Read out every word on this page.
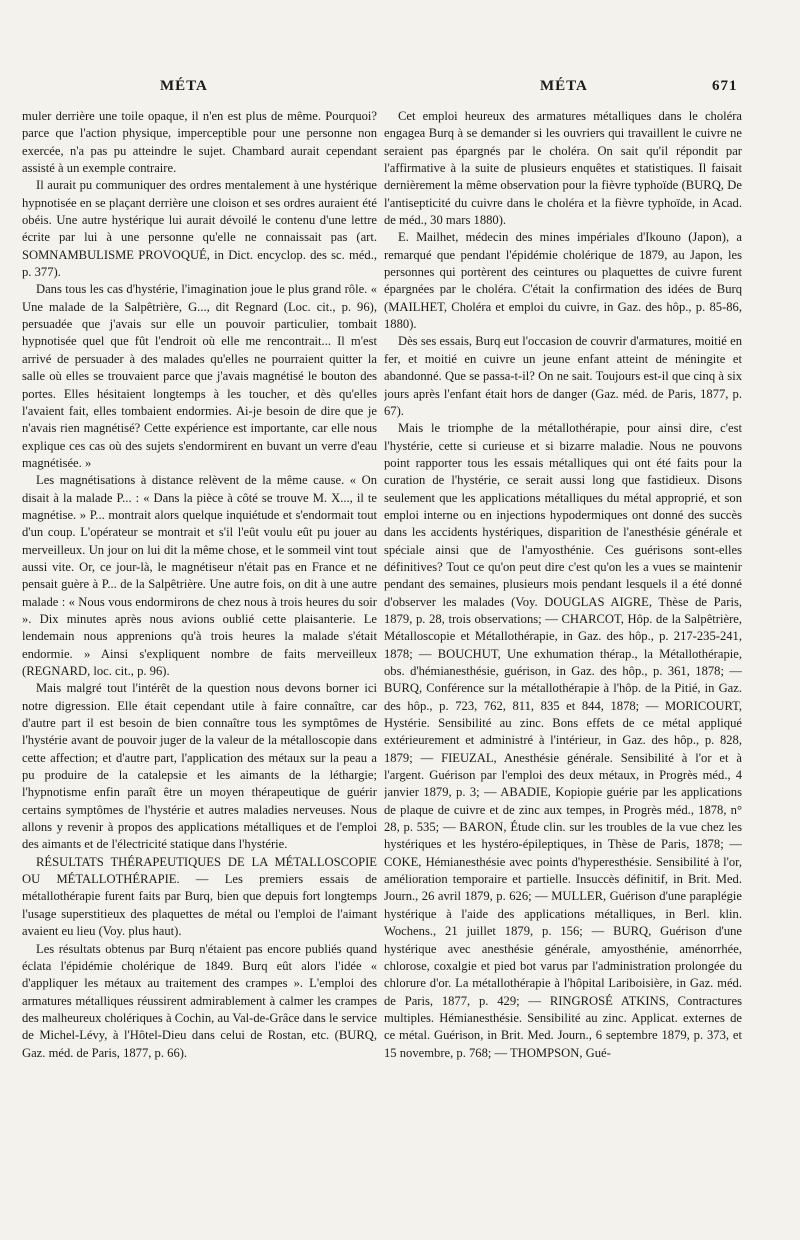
MÉTA	MÉTA	671

muler derrière une toile opaque, il n'en est plus de même. Pourquoi? parce que l'action physique, imperceptible pour une personne non exercée, n'a pas pu atteindre le sujet. Chambard aurait cependant assisté à un exemple contraire.

Il aurait pu communiquer des ordres mentalement à une hystérique hypnotisée en se plaçant derrière une cloison et ses ordres auraient été obéis. Une autre hystérique lui aurait dévoilé le contenu d'une lettre écrite par lui à une personne qu'elle ne connaissait pas (art. SOMNAMBULISME PROVOQUÉ, in Dict. encyclop. des sc. méd., p. 377).

Dans tous les cas d'hystérie, l'imagination joue le plus grand rôle. « Une malade de la Salpêtrière, G..., dit Regnard (Loc. cit., p. 96), persuadée que j'avais sur elle un pouvoir particulier, tombait hypnotisée quel que fût l'endroit où elle me rencontrait... Il m'est arrivé de persuader à des malades qu'elles ne pourraient quitter la salle où elles se trouvaient parce que j'avais magnétisé le bouton des portes. Elles hésitaient longtemps à les toucher, et dès qu'elles l'avaient fait, elles tombaient endormies. Ai-je besoin de dire que je n'avais rien magnétisé? Cette expérience est importante, car elle nous explique ces cas où des sujets s'endormirent en buvant un verre d'eau magnétisée. »

Les magnétisations à distance relèvent de la même cause. « On disait à la malade P... : « Dans la pièce à côté se trouve M. X..., il te magnétise. » P... montrait alors quelque inquiétude et s'endormait tout d'un coup. L'opérateur se montrait et s'il l'eût voulu eût pu jouer au merveilleux. Un jour on lui dit la même chose, et le sommeil vint tout aussi vite. Or, ce jour-là, le magnétiseur n'était pas en France et ne pensait guère à P... de la Salpêtrière. Une autre fois, on dit à une autre malade : « Nous vous endormirons de chez nous à trois heures du soir ». Dix minutes après nous avions oublié cette plaisanterie. Le lendemain nous apprenions qu'à trois heures la malade s'était endormie. » Ainsi s'expliquent nombre de faits merveilleux (REGNARD, loc. cit., p. 96).

Mais malgré tout l'intérêt de la question nous devons borner ici notre digression. Elle était cependant utile à faire connaître, car d'autre part il est besoin de bien connaître tous les symptômes de l'hystérie avant de pouvoir juger de la valeur de la métalloscopie dans cette affection; et d'autre part, l'application des métaux sur la peau a pu produire de la catalepsie et les aimants de la léthargie; l'hypnotisme enfin paraît être un moyen thérapeutique de guérir certains symptômes de l'hystérie et autres maladies nerveuses. Nous allons y revenir à propos des applications métalliques et de l'emploi des aimants et de l'électricité statique dans l'hystérie.

RÉSULTATS THÉRAPEUTIQUES DE LA MÉTALLOSCOPIE OU MÉTALLOTHÉRAPIE. — Les premiers essais de métallothérapie furent faits par Burq, bien que depuis fort longtemps l'usage superstitieux des plaquettes de métal ou l'emploi de l'aimant avaient eu lieu (Voy. plus haut).

Les résultats obtenus par Burq n'étaient pas encore publiés quand éclata l'épidémie cholérique de 1849. Burq eût alors l'idée « d'appliquer les métaux au traitement des crampes ». L'emploi des armatures métalliques réussirent admirablement à calmer les crampes des malheureux cholériques à Cochin, au Val-de-Grâce dans le service de Michel-Lévy, à l'Hôtel-Dieu dans celui de Rostan, etc. (BURQ, Gaz. méd. de Paris, 1877, p. 66).

Cet emploi heureux des armatures métalliques dans le choléra engagea Burq à se demander si les ouvriers qui travaillent le cuivre ne seraient pas épargnés par le choléra. On sait qu'il répondit par l'affirmative à la suite de plusieurs enquêtes et statistiques. Il faisait dernièrement la même observation pour la fièvre typhoïde (BURQ, De l'antisepticité du cuivre dans le choléra et la fièvre typhoïde, in Acad. de méd., 30 mars 1880).

E. Mailhet, médecin des mines impériales d'Ikouno (Japon), a remarqué que pendant l'épidémie cholérique de 1879, au Japon, les personnes qui portèrent des ceintures ou plaquettes de cuivre furent épargnées par le choléra. C'était la confirmation des idées de Burq (MAILHET, Choléra et emploi du cuivre, in Gaz. des hôp., p. 85-86, 1880).

Dès ses essais, Burq eut l'occasion de couvrir d'armatures, moitié en fer, et moitié en cuivre un jeune enfant atteint de méningite et abandonné. Que se passa-t-il? On ne sait. Toujours est-il que cinq à six jours après l'enfant était hors de danger (Gaz. méd. de Paris, 1877, p. 67).

Mais le triomphe de la métallothérapie, pour ainsi dire, c'est l'hystérie, cette si curieuse et si bizarre maladie. Nous ne pouvons point rapporter tous les essais métalliques qui ont été faits pour la curation de l'hystérie, ce serait aussi long que fastidieux. Disons seulement que les applications métalliques du métal approprié, et son emploi interne ou en injections hypodermiques ont donné des succès dans les accidents hystériques, disparition de l'anesthésie générale et spéciale ainsi que de l'amyosthénie. Ces guérisons sont-elles définitives? Tout ce qu'on peut dire c'est qu'on les a vues se maintenir pendant des semaines, plusieurs mois pendant lesquels il a été donné d'observer les malades (Voy. DOUGLAS AIGRE, Thèse de Paris, 1879, p. 28, trois observations; — CHARCOT, Hôp. de la Salpêtrière, Métalloscopie et Métallothérapie, in Gaz. des hôp., p. 217-235-241, 1878; — BOUCHUT, Une exhumation thérap., la Métallothérapie, obs. d'hémianesthésie, guérison, in Gaz. des hôp., p. 361, 1878; — BURQ, Conférence sur la métallothérapie à l'hôp. de la Pitié, in Gaz. des hôp., p. 723, 762, 811, 835 et 844, 1878; — MORICOURT, Hystérie. Sensibilité au zinc. Bons effets de ce métal appliqué extérieurement et administré à l'intérieur, in Gaz. des hôp., p. 828, 1879; — FIEUZAL, Anesthésie générale. Sensibilité à l'or et à l'argent. Guérison par l'emploi des deux métaux, in Progrès méd., 4 janvier 1879, p. 3; — ABADIE, Kopiopie guérie par les applications de plaque de cuivre et de zinc aux tempes, in Progrès méd., 1878, n° 28, p. 535; — BARON, Étude clin. sur les troubles de la vue chez les hystériques et les hystéro-épileptiques, in Thèse de Paris, 1878; — COKE, Hémianesthésie avec points d'hyperesthésie. Sensibilité à l'or, amélioration temporaire et partielle. Insuccès définitif, in Brit. Med. Journ., 26 avril 1879, p. 626; — MULLER, Guérison d'une paraplégie hystérique à l'aide des applications métalliques, in Berl. klin. Wochens., 21 juillet 1879, p. 156; — BURQ, Guérison d'une hystérique avec anesthésie générale, amyosthénie, aménorrhée, chlorose, coxalgie et pied bot varus par l'administration prolongée du chlorure d'or. La métallothérapie à l'hôpital Lariboisière, in Gaz. méd. de Paris, 1877, p. 429; — RINGROSÉ ATKINS, Contractures multiples. Hémianesthésie. Sensibilité au zinc. Applicat. externes de ce métal. Guérison, in Brit. Med. Journ., 6 septembre 1879, p. 373, et 15 novembre, p. 768; — THOMPSON, Gué-
